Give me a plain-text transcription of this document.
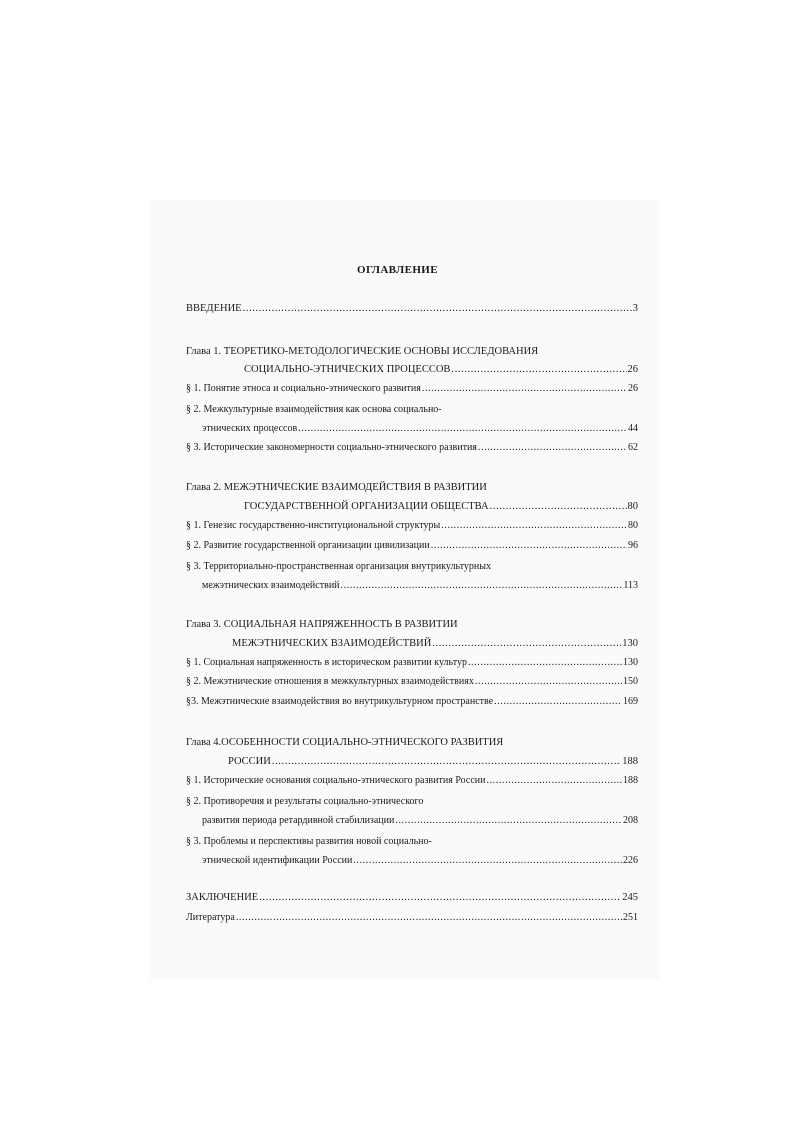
ОГЛАВЛЕНИЕ
ВВЕДЕНИЕ .....	3
Глава 1. ТЕОРЕТИКО-МЕТОДОЛОГИЧЕСКИЕ ОСНОВЫ ИССЛЕДОВАНИЯ
СОЦИАЛЬНО-ЭТНИЧЕСКИХ ПРОЦЕССОВ .....	26
§ 1. Понятие этноса и социально-этнического развития .....	26
§ 2. Межкультурные взаимодействия как основа социально-
этнических процессов .....	44
§ 3. Исторические закономерности социально-этнического развития .....	62
Глава 2. МЕЖЭТНИЧЕСКИЕ ВЗАИМОДЕЙСТВИЯ В РАЗВИТИИ
ГОСУДАРСТВЕННОЙ ОРГАНИЗАЦИИ ОБЩЕСТВА .....	80
§ 1. Генезис государственно-институциональной структуры .....	80
§ 2. Развитие государственной организации цивилизации .....	96
§ 3. Территориально-пространственная организация внутрикультурных
межэтнических взаимодействий .....	113
Глава 3. СОЦИАЛЬНАЯ НАПРЯЖЕННОСТЬ В РАЗВИТИИ
МЕЖЭТНИЧЕСКИХ ВЗАИМОДЕЙСТВИЙ .....	130
§ 1. Социальная напряженность в историческом развитии культур .....	130
§ 2. Межэтнические отношения в межкультурных взаимодействиях .....	150
§3. Межэтнические взаимодействия во внутрикультурном пространстве .....	169
Глава 4.ОСОБЕННОСТИ СОЦИАЛЬНО-ЭТНИЧЕСКОГО РАЗВИТИЯ
РОССИИ .....	188
§ 1. Исторические основания социально-этнического развития России .....	188
§ 2. Противоречия и результаты социально-этнического
развития периода ретардивной стабилизации .....	208
§ 3. Проблемы и перспективы развития новой социально-
этнической идентификации России .....	226
ЗАКЛЮЧЕНИЕ .....	245
Литература .....	251
